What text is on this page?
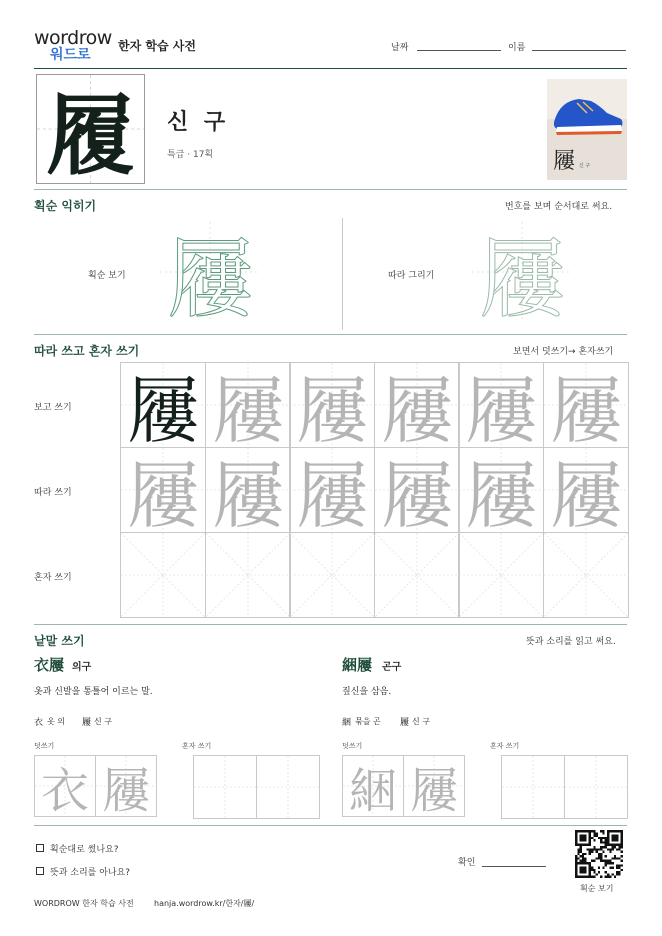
wordrow
워드로
한자 학습 사전	날짜	이름
履	신 구
특급 · 17획	屨 신 구
획순 익히기	번호를 보며 순서대로 써요.
획순 보기 屨	따라 그리기 屨
따라 쓰고 혼자 쓰기	보면서 덧쓰기→ 혼자쓰기
보고 쓰기
따라 쓰기
혼자 쓰기
屨 屨 屨 屨 屨 屨
屨 屨 屨 屨 屨 屨
낱말 쓰기	뜻과 소리를 읽고 써요.
衣屨 의구
옷과 신발을 통틀어 이르는 말.
衣 옷 의 屨 신 구
덧쓰기	혼자 쓰기
衣 屨
綑屨 곤구
짚신을 삼음.
綑 묶을 곤 屨 신 구
덧쓰기	혼자 쓰기
綑 屨
획순대로 썼나요?
뜻과 소리를 아나요?
확인
획순 보기
WORDROW 한자 학습 사전	hanja.wordrow.kr/한자/屨/
